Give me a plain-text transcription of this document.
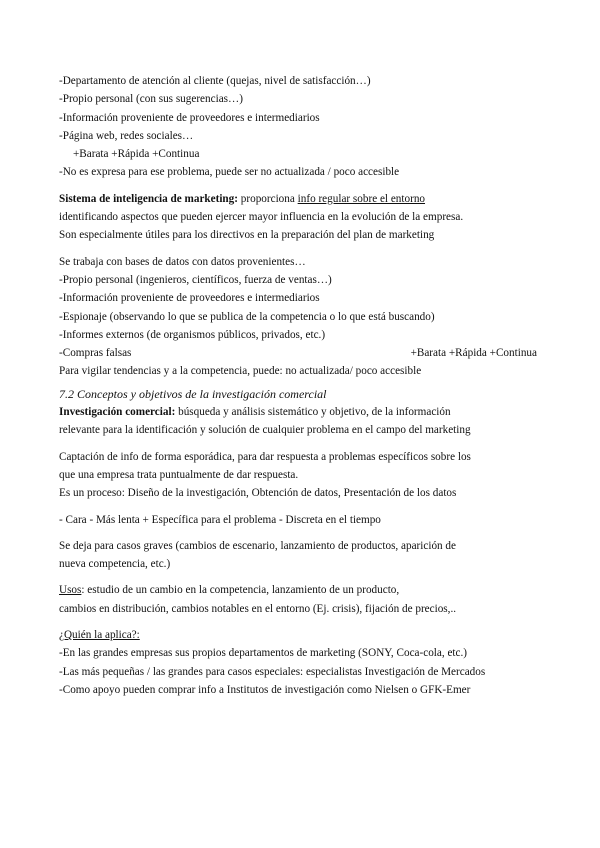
-Departamento de atención al cliente (quejas, nivel de satisfacción…)
-Propio personal (con sus sugerencias…)
-Información proveniente de proveedores e intermediarios
-Página web, redes sociales…
+Barata +Rápida +Continua
-No es expresa para ese problema, puede ser no actualizada / poco accesible
Sistema de inteligencia de marketing: proporciona info regular sobre el entorno
identificando aspectos que pueden ejercer mayor influencia en la evolución de la empresa.
Son especialmente útiles para los directivos en la preparación del plan de marketing
Se trabaja con bases de datos con datos provenientes…
-Propio personal (ingenieros, científicos, fuerza de ventas…)
-Información proveniente de proveedores e intermediarios
-Espionaje (observando lo que se publica de la competencia o lo que está buscando)
-Informes externos (de organismos públicos, privados, etc.)
-Compras falsas	+Barata +Rápida +Continua
Para vigilar tendencias y a la competencia, puede: no actualizada/ poco accesible
7.2 Conceptos y objetivos de la investigación comercial
Investigación comercial: búsqueda y análisis sistemático y objetivo, de la información
relevante para la identificación y solución de cualquier problema en el campo del marketing
Captación de info de forma esporádica, para dar respuesta a problemas específicos sobre los
que una empresa trata puntualmente de dar respuesta.
Es un proceso: Diseño de la investigación, Obtención de datos, Presentación de los datos
- Cara - Más lenta + Específica para el problema - Discreta en el tiempo
Se deja para casos graves (cambios de escenario, lanzamiento de productos, aparición de
nueva competencia, etc.)
Usos: estudio de un cambio en la competencia, lanzamiento de un producto,
cambios en distribución, cambios notables en el entorno (Ej. crisis), fijación de precios,..
¿Quién la aplica?:
-En las grandes empresas sus propios departamentos de marketing (SONY, Coca-cola, etc.)
-Las más pequeñas / las grandes para casos especiales: especialistas Investigación de Mercados
-Como apoyo pueden comprar info a Institutos de investigación como Nielsen o GFK-Emer
